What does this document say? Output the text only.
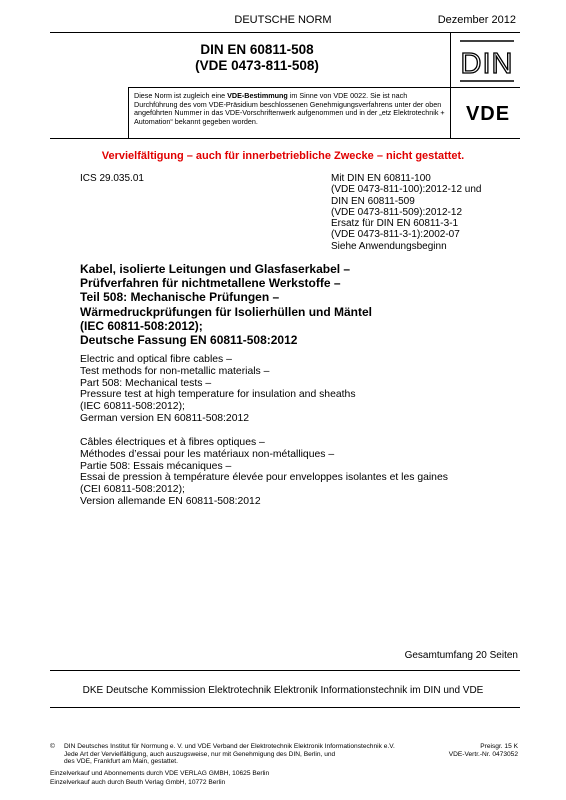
DEUTSCHE NORM	Dezember 2012
DIN EN 60811-508
(VDE 0473-811-508)	DIN
VDE
Diese Norm ist zugleich eine VDE-Bestimmung im Sinne von VDE 0022. Sie ist nach Durchführung des vom VDE-Präsidium beschlossenen Genehmigungsverfahrens unter der oben angeführten Nummer in das VDE-Vorschriftenwerk aufgenommen und in der „etz Elektrotechnik + Automation“ bekannt gegeben worden.
Vervielfältigung – auch für innerbetriebliche Zwecke – nicht gestattet.
ICS 29.035.01	Mit DIN EN 60811-100
(VDE 0473-811-100):2012-12 und
DIN EN 60811-509
(VDE 0473-811-509):2012-12
Ersatz für DIN EN 60811-3-1
(VDE 0473-811-3-1):2002-07
Siehe Anwendungsbeginn
Kabel, isolierte Leitungen und Glasfaserkabel –
Prüfverfahren für nichtmetallene Werkstoffe –
Teil 508: Mechanische Prüfungen –
Wärmedruckprüfungen für Isolierhüllen und Mäntel
(IEC 60811-508:2012);
Deutsche Fassung EN 60811-508:2012
Electric and optical fibre cables –
Test methods for non-metallic materials –
Part 508: Mechanical tests –
Pressure test at high temperature for insulation and sheaths
(IEC 60811-508:2012);
German version EN 60811-508:2012
Câbles électriques et à fibres optiques –
Méthodes d’essai pour les matériaux non-métalliques –
Partie 508: Essais mécaniques –
Essai de pression à température élevée pour enveloppes isolantes et les gaines
(CEI 60811-508:2012);
Version allemande EN 60811-508:2012
Gesamtumfang 20 Seiten
DKE Deutsche Kommission Elektrotechnik Elektronik Informationstechnik im DIN und VDE
© DIN Deutsches Institut für Normung e. V. und VDE Verband der Elektrotechnik Elektronik Informationstechnik e.V.
Jede Art der Vervielfältigung, auch auszugsweise, nur mit Genehmigung des DIN, Berlin, und
des VDE, Frankfurt am Main, gestattet.
Einzelverkauf und Abonnements durch VDE VERLAG GMBH, 10625 Berlin
Einzelverkauf auch durch Beuth Verlag GmbH, 10772 Berlin
Preisgr. 15 K
VDE-Vertr.-Nr. 0473052
